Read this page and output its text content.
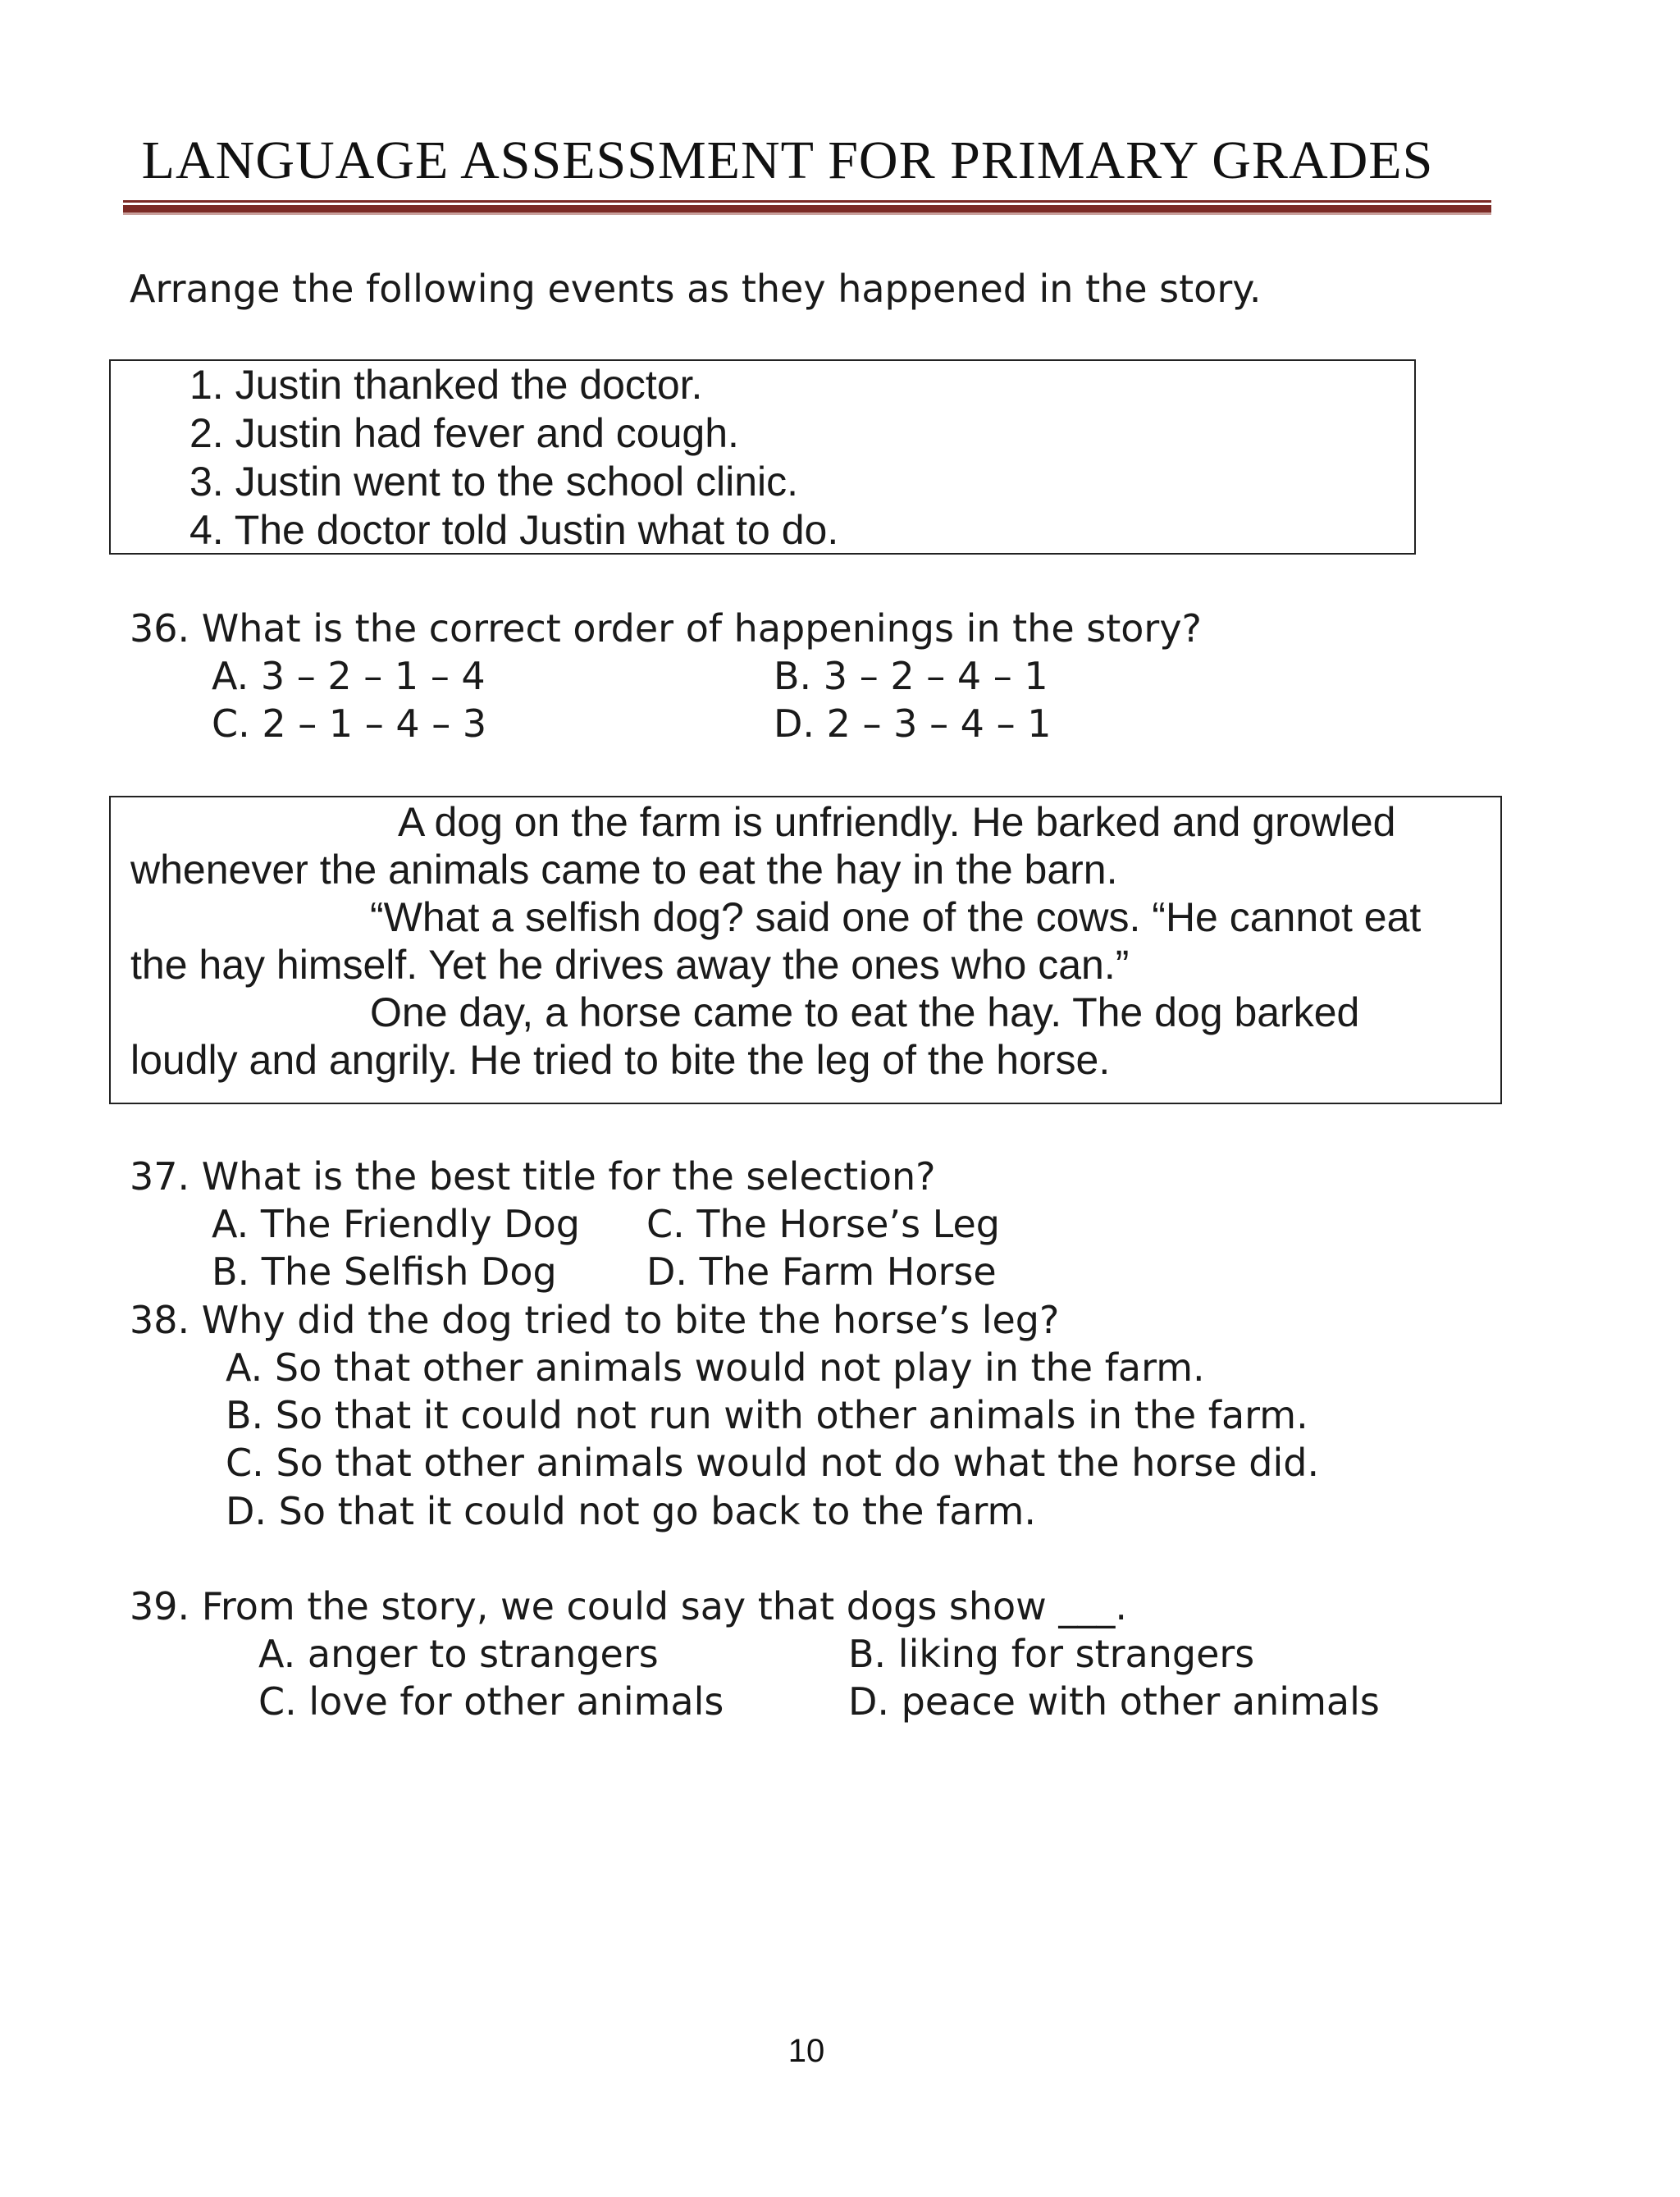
LANGUAGE ASSESSMENT FOR PRIMARY GRADES
Arrange the following events as they happened in the story.
1. Justin thanked the doctor.
2. Justin had fever and cough.
3. Justin went to the school clinic.
4. The doctor told Justin what to do.
36. What is the correct order of happenings in the story?
A. 3 – 2 – 1 – 4	B. 3 – 2 – 4 – 1
C. 2 – 1 – 4 – 3	D. 2 – 3 – 4 – 1
A dog on the farm is unfriendly. He barked and growled
whenever the animals came to eat the hay in the barn.
“What a selfish dog? said one of the cows. “He cannot eat
the hay himself. Yet he drives away the ones who can.”
One day, a horse came to eat the hay. The dog barked
loudly and angrily. He tried to bite the leg of the horse.
37. What is the best title for the selection?
A. The Friendly Dog C. The Horse’s Leg
B. The Selfish Dog D. The Farm Horse
38. Why did the dog tried to bite the horse’s leg?
A. So that other animals would not play in the farm.
B. So that it could not run with other animals in the farm.
C. So that other animals would not do what the horse did.
D. So that it could not go back to the farm.
39. From the story, we could say that dogs show ___.
A. anger to strangers	B. liking for strangers
C. love for other animals	D. peace with other animals
10
